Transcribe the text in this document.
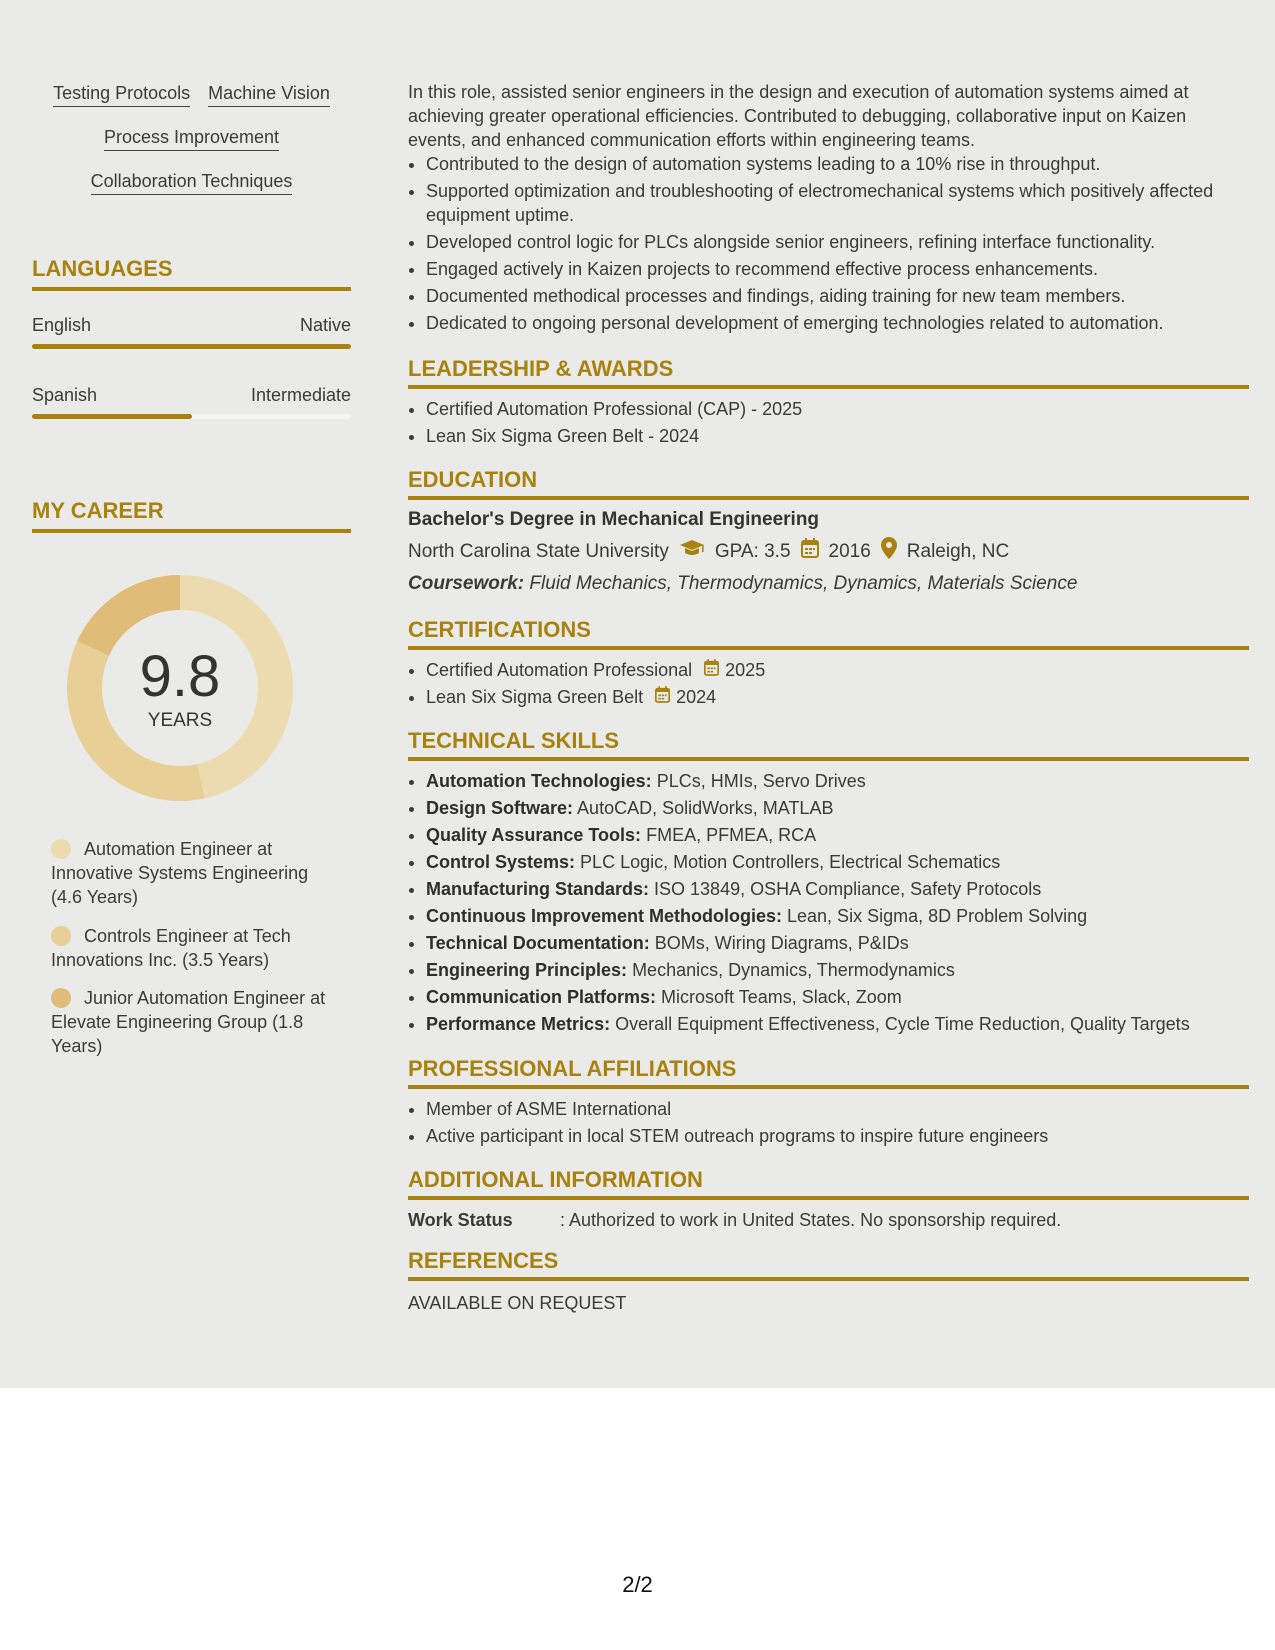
Testing Protocols Machine Vision
Process Improvement
Collaboration Techniques
LANGUAGES
English	Native
Spanish	Intermediate
MY CAREER
9.8
YEARS
Automation Engineer at Innovative Systems Engineering (4.6 Years)
Controls Engineer at Tech Innovations Inc. (3.5 Years)
Junior Automation Engineer at Elevate Engineering Group (1.8 Years)
In this role, assisted senior engineers in the design and execution of automation systems aimed at achieving greater operational efficiencies. Contributed to debugging, collaborative input on Kaizen events, and enhanced communication efforts within engineering teams.
• Contributed to the design of automation systems leading to a 10% rise in throughput.
• Supported optimization and troubleshooting of electromechanical systems which positively affected equipment uptime.
• Developed control logic for PLCs alongside senior engineers, refining interface functionality.
• Engaged actively in Kaizen projects to recommend effective process enhancements.
• Documented methodical processes and findings, aiding training for new team members.
• Dedicated to ongoing personal development of emerging technologies related to automation.
LEADERSHIP & AWARDS
• Certified Automation Professional (CAP) - 2025
• Lean Six Sigma Green Belt - 2024
EDUCATION
Bachelor's Degree in Mechanical Engineering
North Carolina State University GPA: 3.5 2016 Raleigh, NC
Coursework: Fluid Mechanics, Thermodynamics, Dynamics, Materials Science
CERTIFICATIONS
• Certified Automation Professional 2025
• Lean Six Sigma Green Belt 2024
TECHNICAL SKILLS
• Automation Technologies: PLCs, HMIs, Servo Drives
• Design Software: AutoCAD, SolidWorks, MATLAB
• Quality Assurance Tools: FMEA, PFMEA, RCA
• Control Systems: PLC Logic, Motion Controllers, Electrical Schematics
• Manufacturing Standards: ISO 13849, OSHA Compliance, Safety Protocols
• Continuous Improvement Methodologies: Lean, Six Sigma, 8D Problem Solving
• Technical Documentation: BOMs, Wiring Diagrams, P&IDs
• Engineering Principles: Mechanics, Dynamics, Thermodynamics
• Communication Platforms: Microsoft Teams, Slack, Zoom
• Performance Metrics: Overall Equipment Effectiveness, Cycle Time Reduction, Quality Targets
PROFESSIONAL AFFILIATIONS
• Member of ASME International
• Active participant in local STEM outreach programs to inspire future engineers
ADDITIONAL INFORMATION
Work Status	: Authorized to work in United States. No sponsorship required.
REFERENCES
AVAILABLE ON REQUEST
2/2
